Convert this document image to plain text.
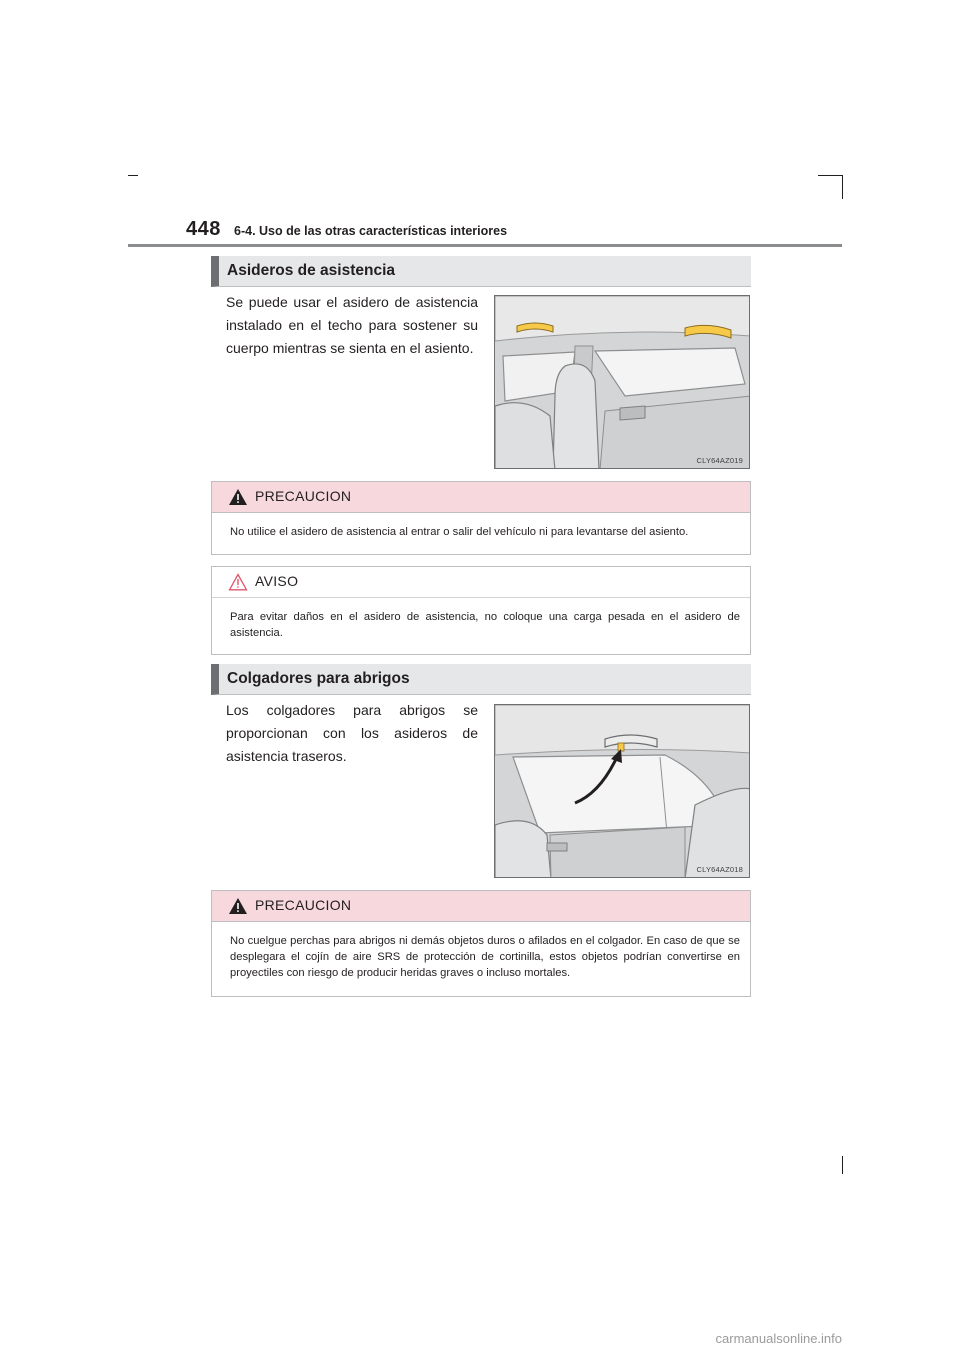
448 6-4. Uso de las otras características interiores
Asideros de asistencia
Se puede usar el asidero de asistencia instalado en el techo para sostener su cuerpo mientras se sienta en el asiento.
CLY64AZ019
PRECAUCION
No utilice el asidero de asistencia al entrar o salir del vehículo ni para levantarse del asiento.
AVISO
Para evitar daños en el asidero de asistencia, no coloque una carga pesada en el asidero de asistencia.
Colgadores para abrigos
Los colgadores para abrigos se proporcionan con los asideros de asistencia traseros.
CLY64AZ018
PRECAUCION
No cuelgue perchas para abrigos ni demás objetos duros o afilados en el colgador. En caso de que se desplegara el cojín de aire SRS de protección de cortinilla, estos objetos podrían convertirse en proyectiles con riesgo de producir heridas graves o incluso mortales.
carmanualsonline.info
